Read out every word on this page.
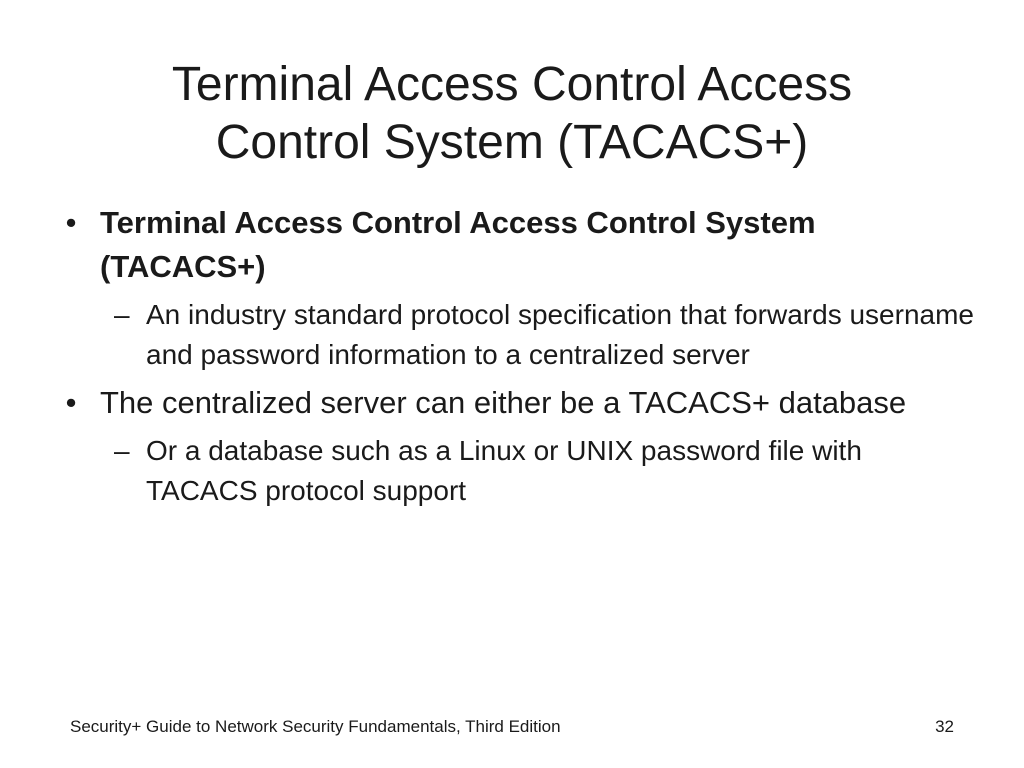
Terminal Access Control Access
Control System (TACACS+)
• Terminal Access Control Access Control System (TACACS+)
– An industry standard protocol specification that forwards username and password information to a centralized server
• The centralized server can either be a TACACS+ database
– Or a database such as a Linux or UNIX password file with TACACS protocol support
Security+ Guide to Network Security Fundamentals, Third Edition	32
